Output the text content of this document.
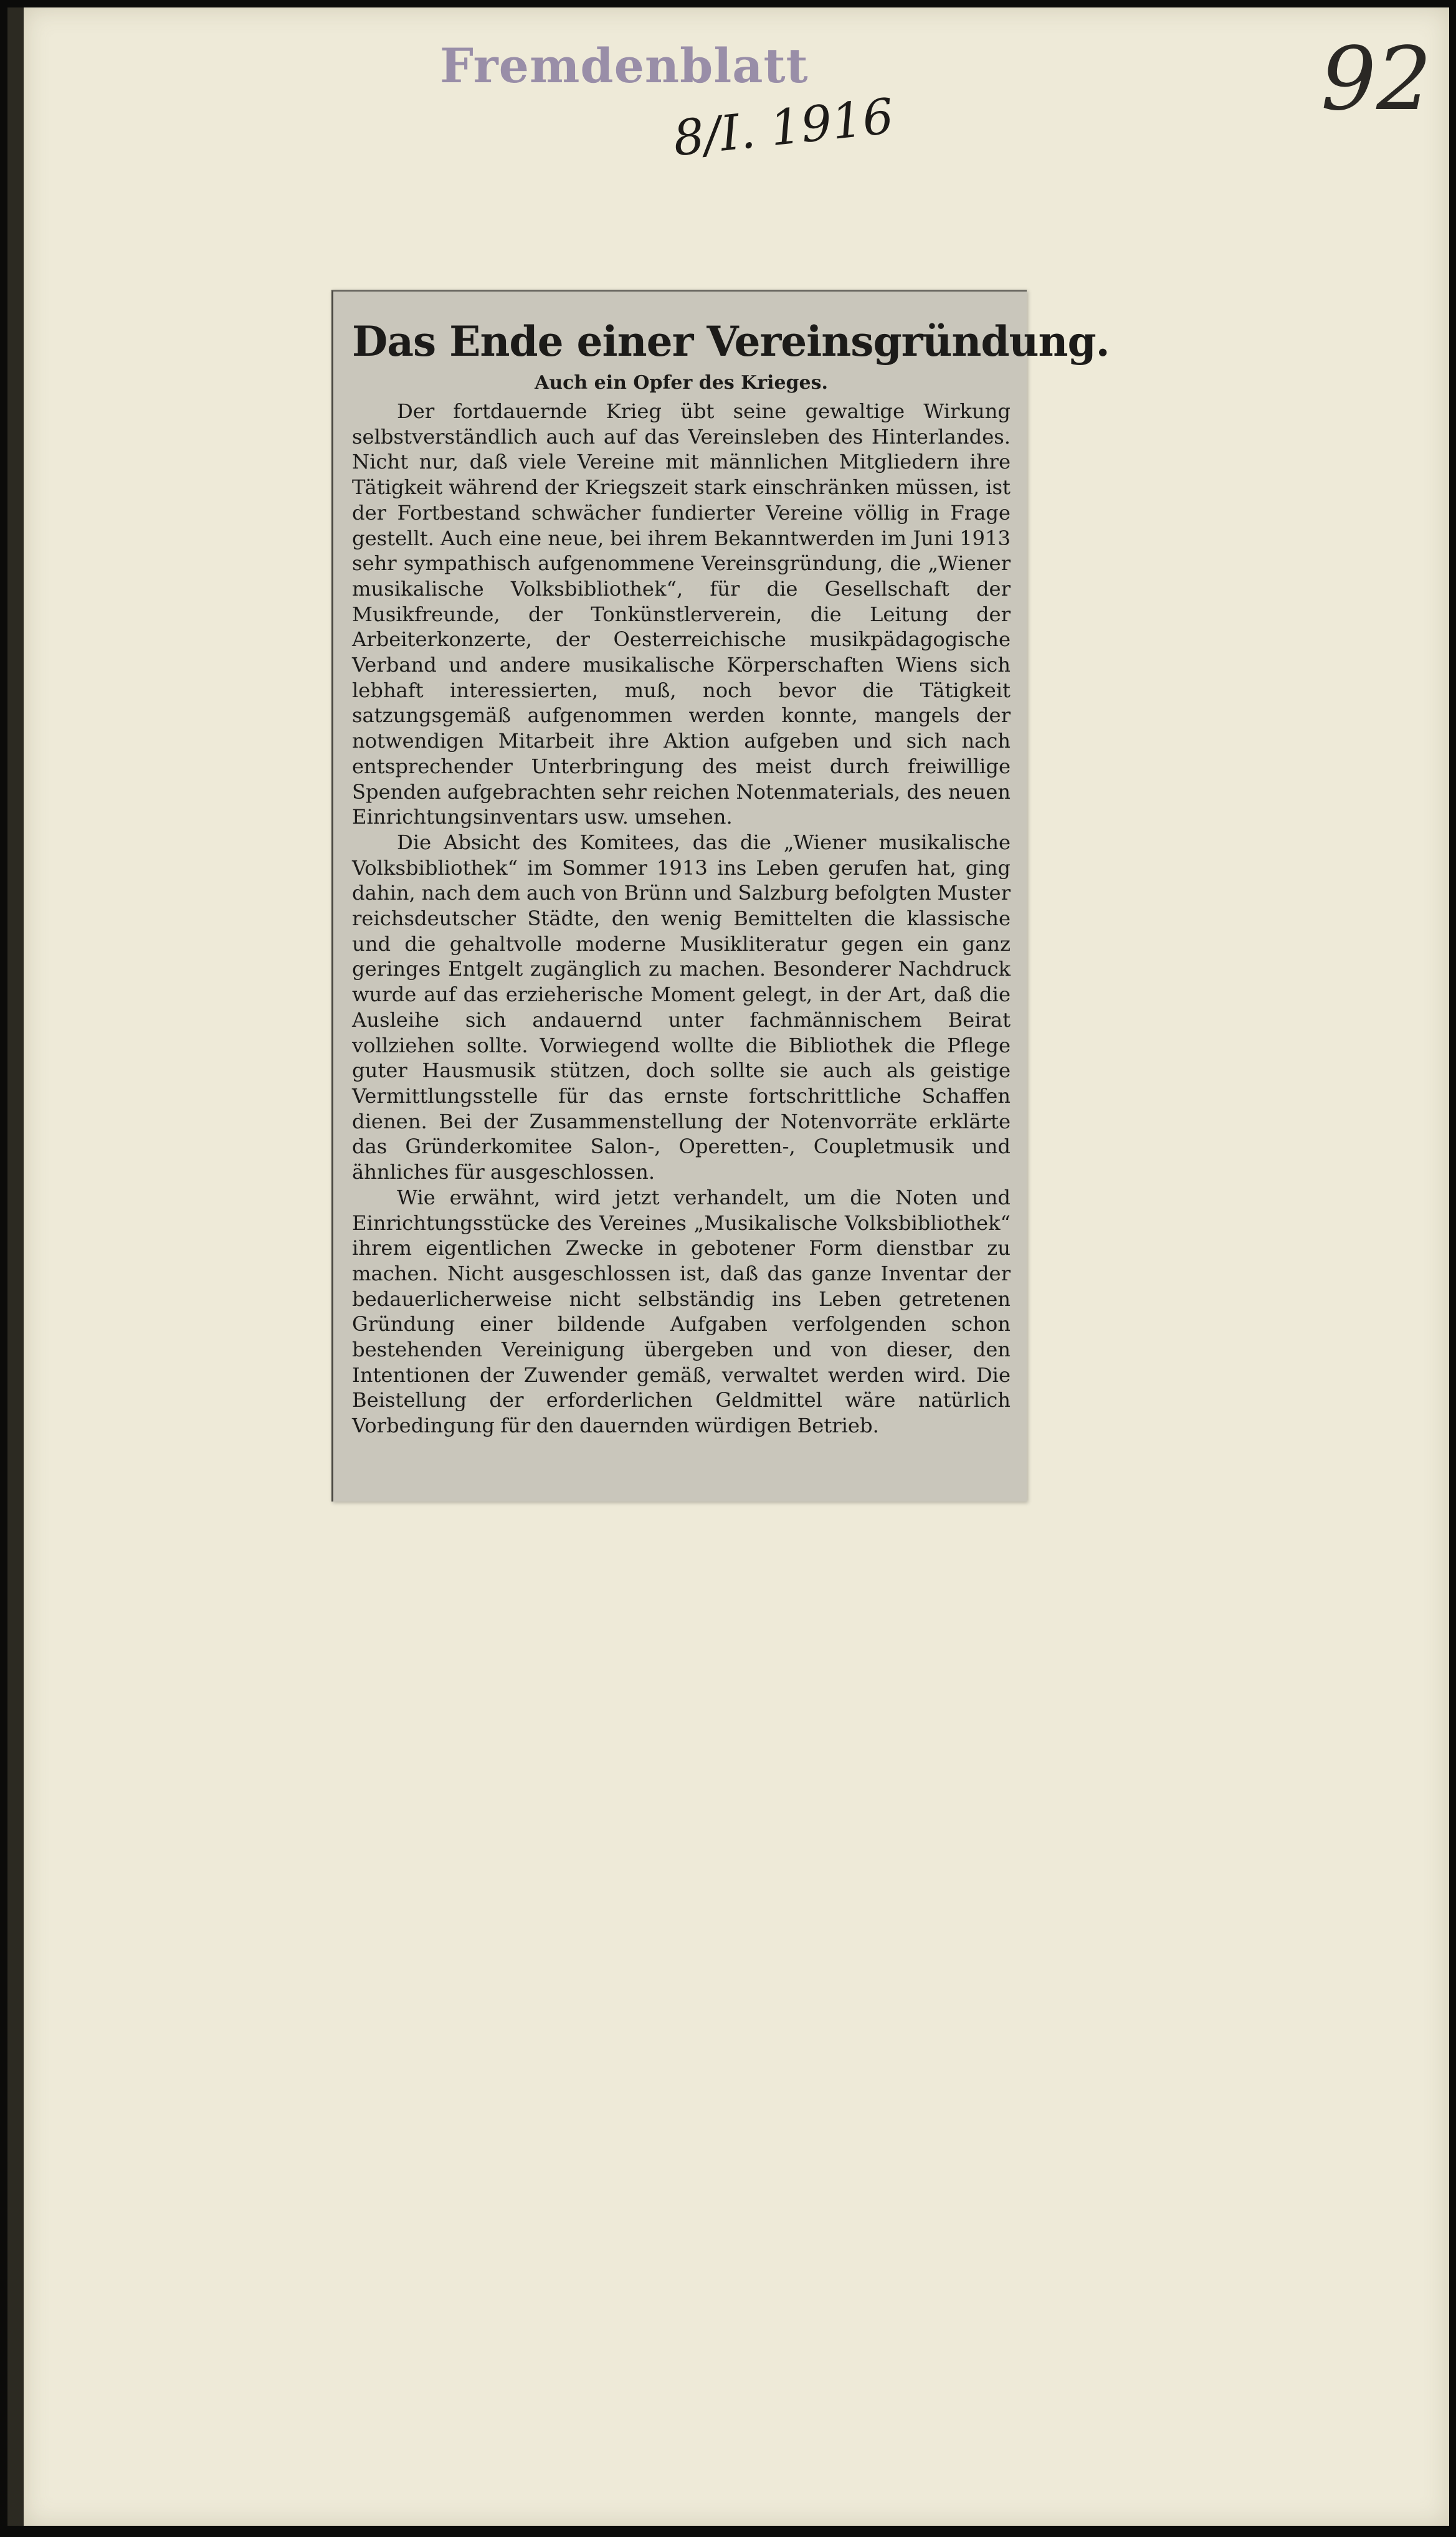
Fremdenblatt
8/I. 1916	92
Das Ende einer Vereinsgründung.
Auch ein Opfer des Krieges.

Der fortdauernde Krieg übt seine gewaltige Wirkung selbstverständlich auch auf das Vereinsleben des Hinterlandes. Nicht nur, daß viele Vereine mit männlichen Mitgliedern ihre Tätigkeit während der Kriegszeit stark einschränken müssen, ist der Fortbestand schwächer fundierter Vereine völlig in Frage gestellt. Auch eine neue, bei ihrem Bekanntwerden im Juni 1913 sehr sympathisch aufgenommene Vereinsgründung, die „Wiener musikalische Volksbibliothek“, für die Gesellschaft der Musikfreunde, der Tonkünstlerverein, die Leitung der Arbeiterkonzerte, der Oesterreichische musikpädagogische Verband und andere musikalische Körperschaften Wiens sich lebhaft interessierten, muß, noch bevor die Tätigkeit satzungsgemäß aufgenommen werden konnte, mangels der notwendigen Mitarbeit ihre Aktion aufgeben und sich nach entsprechender Unterbringung des meist durch freiwillige Spenden aufgebrachten sehr reichen Notenmaterials, des neuen Einrichtungsinventars usw. umsehen.

Die Absicht des Komitees, das die „Wiener musikalische Volksbibliothek“ im Sommer 1913 ins Leben gerufen hat, ging dahin, nach dem auch von Brünn und Salzburg befolgten Muster reichsdeutscher Städte, den wenig Bemittelten die klassische und die gehaltvolle moderne Musikliteratur gegen ein ganz geringes Entgelt zugänglich zu machen. Besonderer Nachdruck wurde auf das erzieherische Moment gelegt, in der Art, daß die Ausleihe sich andauernd unter fachmännischem Beirat vollziehen sollte. Vorwiegend wollte die Bibliothek die Pflege guter Hausmusik stützen, doch sollte sie auch als geistige Vermittlungsstelle für das ernste fortschrittliche Schaffen dienen. Bei der Zusammenstellung der Notenvorräte erklärte das Gründerkomitee Salon-, Operetten-, Coupletmusik und ähnliches für ausgeschlossen.

Wie erwähnt, wird jetzt verhandelt, um die Noten und Einrichtungsstücke des Vereines „Musikalische Volksbibliothek“ ihrem eigentlichen Zwecke in gebotener Form dienstbar zu machen. Nicht ausgeschlossen ist, daß das ganze Inventar der bedauerlicherweise nicht selbständig ins Leben getretenen Gründung einer bildende Aufgaben verfolgenden schon bestehenden Vereinigung übergeben und von dieser, den Intentionen der Zuwender gemäß, verwaltet werden wird. Die Beistellung der erforderlichen Geldmittel wäre natürlich Vorbedingung für den dauernden würdigen Betrieb.
